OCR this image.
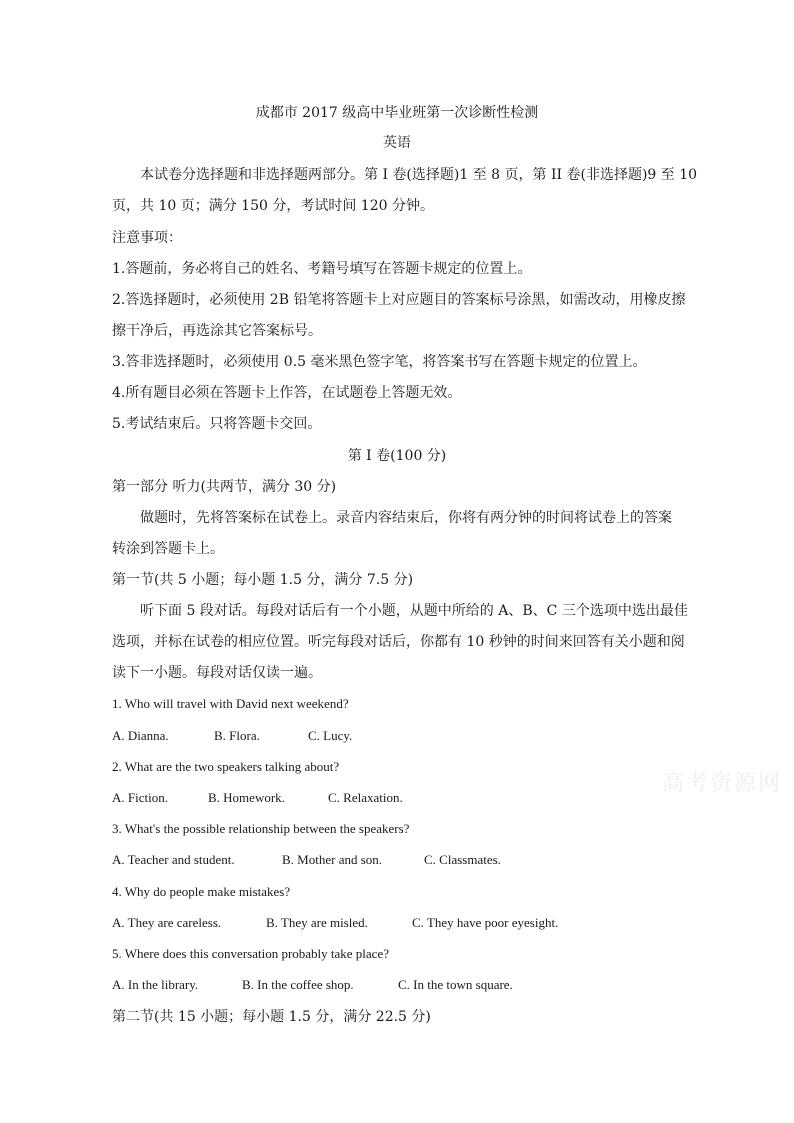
成都市 2017 级高中毕业班第一次诊断性检测
英语
本试卷分选择题和非选择题两部分。第 I 卷(选择题)1 至 8 页，第 II 卷(非选择题)9 至 10
页，共 10 页；满分 150 分，考试时间 120 分钟。
注意事项：
1.答题前，务必将自己的姓名、考籍号填写在答题卡规定的位置上。
2.答选择题时，必须使用 2B 铅笔将答题卡上对应题目的答案标号涂黑，如需改动，用橡皮擦
擦干净后，再选涂其它答案标号。
3.答非选择题时，必须使用 0.5 毫米黑色签字笔，将答案书写在答题卡规定的位置上。
4.所有题目必须在答题卡上作答，在试题卷上答题无效。
5.考试结束后。只将答题卡交回。
第 I 卷(100 分)
第一部分 听力(共两节，满分 30 分)
做题时，先将答案标在试卷上。录音内容结束后，你将有两分钟的时间将试卷上的答案
转涂到答题卡上。
第一节(共 5 小题；每小题 1.5 分，满分 7.5 分)
听下面 5 段对话。每段对话后有一个小题，从题中所给的 A、B、C 三个选项中选出最佳
选项，并标在试卷的相应位置。听完每段对话后，你都有 10 秒钟的时间来回答有关小题和阅
读下一小题。每段对话仅读一遍。
1. Who will travel with David next weekend?
A. Dianna.	B. Flora.	C. Lucy.
2. What are the two speakers talking about?
A. Fiction.	B. Homework.	C. Relaxation.
3. What's the possible relationship between the speakers?
A. Teacher and student.	B. Mother and son.	C. Classmates.
4. Why do people make mistakes?
A. They are careless.	B. They are misled.	C. They have poor eyesight.
5. Where does this conversation probably take place?
A. In the library.	B. In the coffee shop.	C. In the town square.
第二节(共 15 小题；每小题 1.5 分，满分 22.5 分)
高考资源网
